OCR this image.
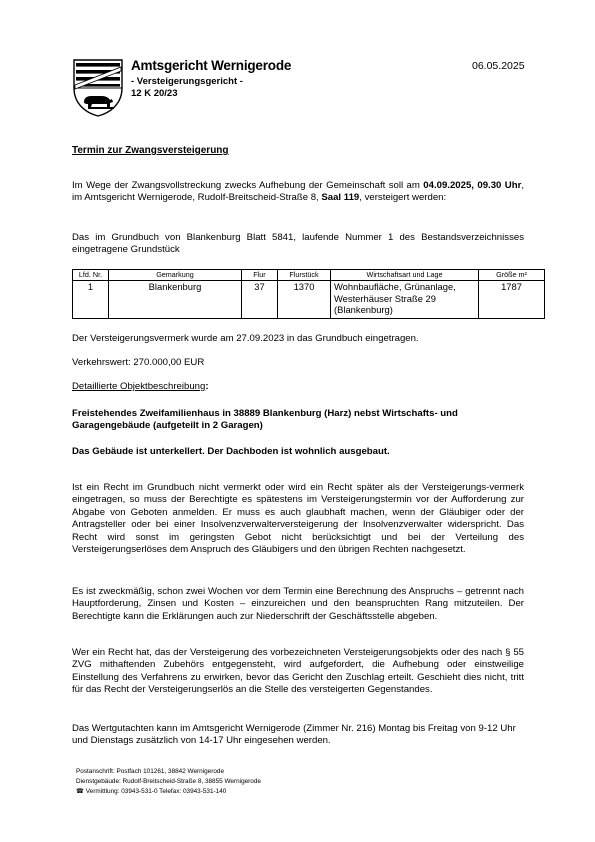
Amtsgericht Wernigerode
- Versteigerungsgericht -
12 K 20/23
06.05.2025
Termin zur Zwangsversteigerung
Im Wege der Zwangsvollstreckung zwecks Aufhebung der Gemeinschaft soll am 04.09.2025, 09.30 Uhr, im Amtsgericht Wernigerode, Rudolf-Breitscheid-Straße 8, Saal 119, versteigert werden:
Das im Grundbuch von Blankenburg Blatt 5841, laufende Nummer 1 des Bestandsverzeichnisses eingetragene Grundstück
Lfd. Nr.	Gemarkung	Flur	Flurstück	Wirtschaftsart und Lage	Größe m²
1	Blankenburg	37	1370	Wohnbaufläche, Grünanlage, Westerhäuser Straße 29 (Blankenburg)	1787
Der Versteigerungsvermerk wurde am 27.09.2023 in das Grundbuch eingetragen.
Verkehrswert: 270.000,00 EUR
Detaillierte Objektbeschreibung:
Freistehendes Zweifamilienhaus in 38889 Blankenburg (Harz) nebst Wirtschafts- und Garagengebäude (aufgeteilt in 2 Garagen)
Das Gebäude ist unterkellert. Der Dachboden ist wohnlich ausgebaut.
Ist ein Recht im Grundbuch nicht vermerkt oder wird ein Recht später als der Versteigerungs-vermerk eingetragen, so muss der Berechtigte es spätestens im Versteigerungstermin vor der Aufforderung zur Abgabe von Geboten anmelden. Er muss es auch glaubhaft machen, wenn der Gläubiger oder der Antragsteller oder bei einer Insolvenzverwalterversteigerung der Insolvenzverwalter widerspricht. Das Recht wird sonst im geringsten Gebot nicht berücksichtigt und bei der Verteilung des Versteigerungserlöses dem Anspruch des Gläubigers und den übrigen Rechten nachgesetzt.
Es ist zweckmäßig, schon zwei Wochen vor dem Termin eine Berechnung des Anspruchs – getrennt nach Hauptforderung, Zinsen und Kosten – einzureichen und den beanspruchten Rang mitzuteilen. Der Berechtigte kann die Erklärungen auch zur Niederschrift der Geschäftsstelle abgeben.
Wer ein Recht hat, das der Versteigerung des vorbezeichneten Versteigerungsobjekts oder des nach § 55 ZVG mithaftenden Zubehörs entgegensteht, wird aufgefordert, die Aufhebung oder einstweilige Einstellung des Verfahrens zu erwirken, bevor das Gericht den Zuschlag erteilt. Geschieht dies nicht, tritt für das Recht der Versteigerungserlös an die Stelle des versteigerten Gegenstandes.
Das Wertgutachten kann im Amtsgericht Wernigerode (Zimmer Nr. 216) Montag bis Freitag von 9-12 Uhr und Dienstags zusätzlich von 14-17 Uhr eingesehen werden.
Postanschrift: Postfach 101261, 38842 Wernigerode
Dienstgebäude: Rudolf-Breitscheid-Straße 8, 38855 Wernigerode
☎ Vermittlung: 03943-531-0 Telefax: 03943-531-140
